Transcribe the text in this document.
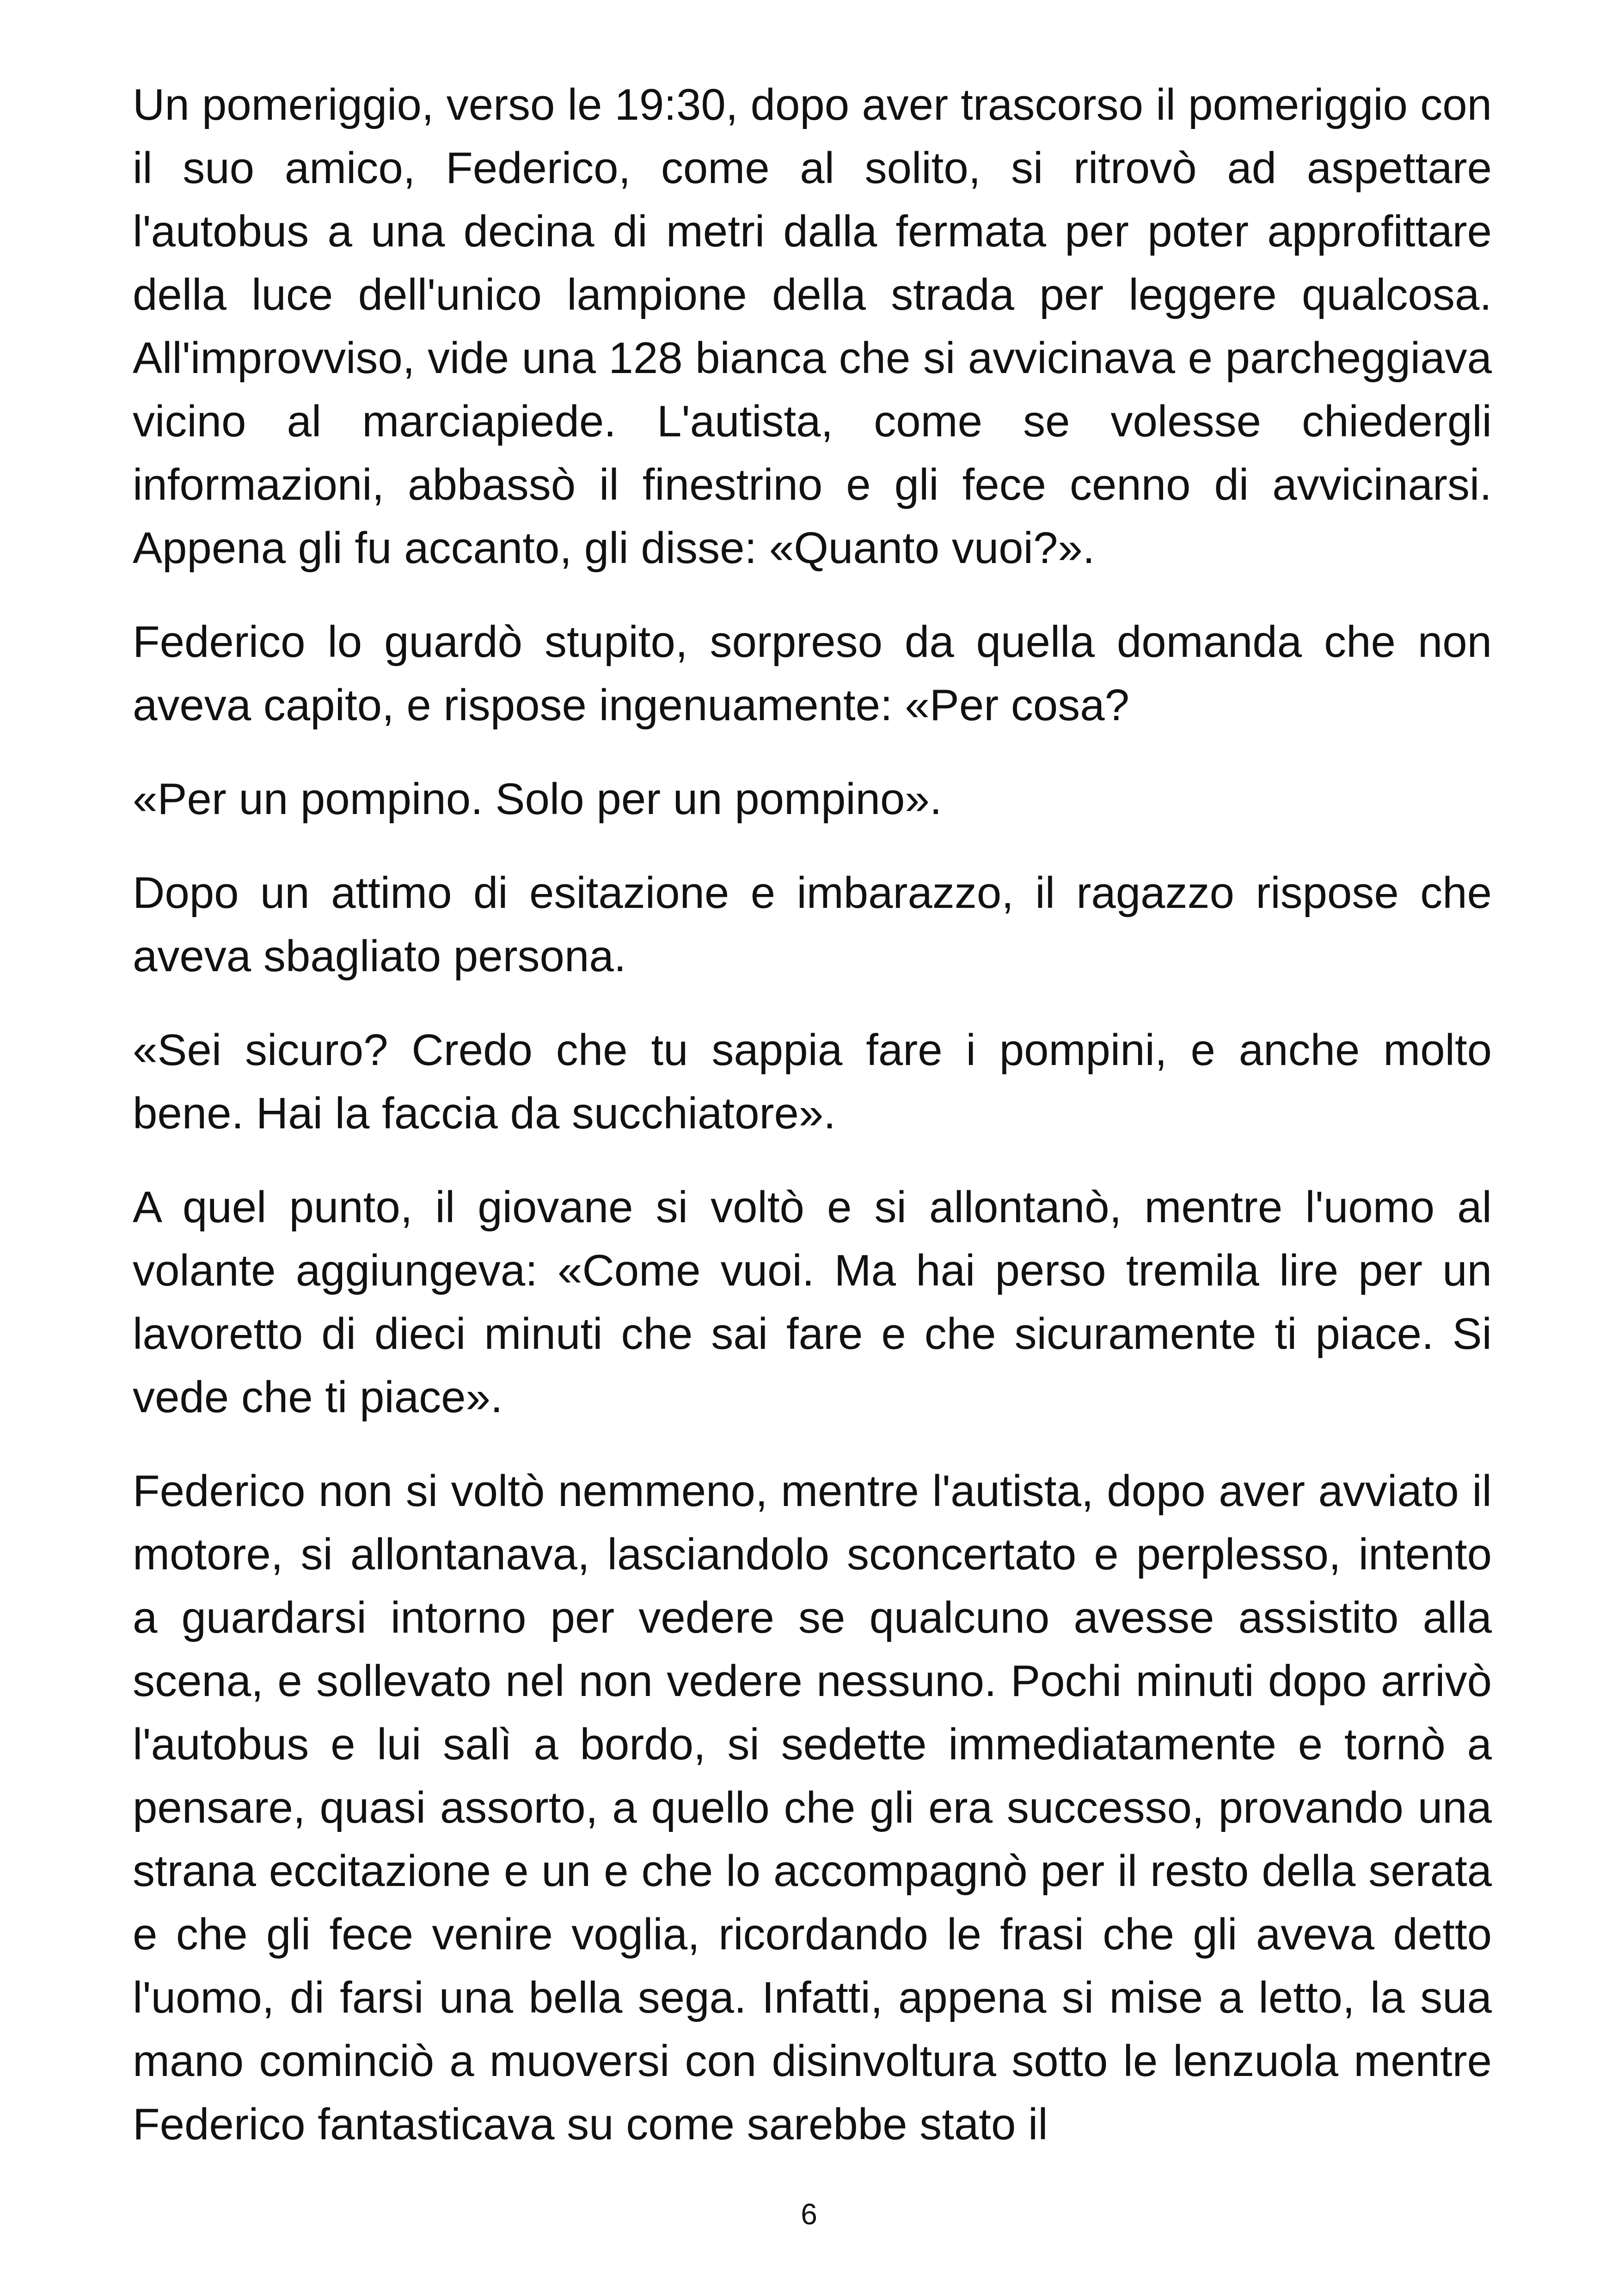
Un pomeriggio, verso le 19:30, dopo aver trascorso il pomeriggio con il suo amico, Federico, come al solito, si ritrovò ad aspettare l'autobus a una decina di metri dalla fermata per poter approfittare della luce dell'unico lampione della strada per leggere qualcosa. All'improvviso, vide una 128 bianca che si avvicinava e parcheggiava vicino al marciapiede. L'autista, come se volesse chiedergli informazioni, abbassò il finestrino e gli fece cenno di avvicinarsi. Appena gli fu accanto, gli disse: «Quanto vuoi?».

Federico lo guardò stupito, sorpreso da quella domanda che non aveva capito, e rispose ingenuamente: «Per cosa?

«Per un pompino. Solo per un pompino».

Dopo un attimo di esitazione e imbarazzo, il ragazzo rispose che aveva sbagliato persona.

«Sei sicuro? Credo che tu sappia fare i pompini, e anche molto bene. Hai la faccia da succhiatore».

A quel punto, il giovane si voltò e si allontanò, mentre l'uomo al volante aggiungeva: «Come vuoi. Ma hai perso tremila lire per un lavoretto di dieci minuti che sai fare e che sicuramente ti piace. Si vede che ti piace».

Federico non si voltò nemmeno, mentre l'autista, dopo aver avviato il motore, si allontanava, lasciandolo sconcertato e perplesso, intento a guardarsi intorno per vedere se qualcuno avesse assistito alla scena, e sollevato nel non vedere nessuno. Pochi minuti dopo arrivò l'autobus e lui salì a bordo, si sedette immediatamente e tornò a pensare, quasi assorto, a quello che gli era successo, provando una strana eccitazione e un e che lo accompagnò per il resto della serata e che gli fece venire voglia, ricordando le frasi che gli aveva detto l'uomo, di farsi una bella sega. Infatti, appena si mise a letto, la sua mano cominciò a muoversi con disinvoltura sotto le lenzuola mentre Federico fantasticava su come sarebbe stato il

6
